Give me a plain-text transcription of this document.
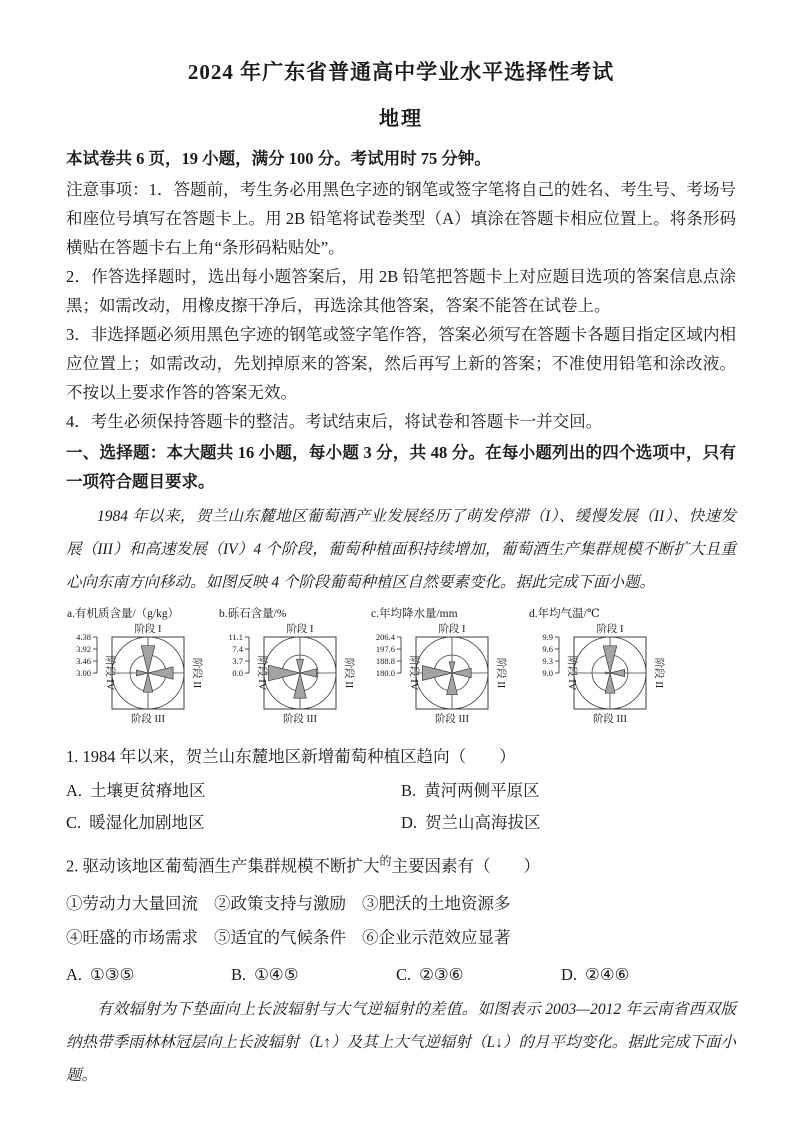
2024 年广东省普通高中学业水平选择性考试
地理

本试卷共 6 页，19 小题，满分 100 分。考试用时 75 分钟。

注意事项：1．答题前，考生务必用黑色字迹的钢笔或签字笔将自己的姓名、考生号、考场号和座位号填写在答题卡上。用 2B 铅笔将试卷类型（A）填涂在答题卡相应位置上。将条形码横贴在答题卡右上角“条形码粘贴处”。

2．作答选择题时，选出每小题答案后，用 2B 铅笔把答题卡上对应题目选项的答案信息点涂黑；如需改动，用橡皮擦干净后，再选涂其他答案，答案不能答在试卷上。

3．非选择题必须用黑色字迹的钢笔或签字笔作答，答案必须写在答题卡各题目指定区域内相应位置上；如需改动，先划掉原来的答案，然后再写上新的答案；不准使用铅笔和涂改液。不按以上要求作答的答案无效。

4．考生必须保持答题卡的整洁。考试结束后，将试卷和答题卡一并交回。

一、选择题：本大题共 16 小题，每小题 3 分，共 48 分。在每小题列出的四个选项中，只有一项符合题目要求。

1984 年以来，贺兰山东麓地区葡萄酒产业发展经历了萌发停滞（I）、缓慢发展（II）、快速发展（III）和高速发展（IV）4 个阶段，葡萄种植面积持续增加，葡萄酒生产集群规模不断扩大且重心向东南方向移动。如图反映 4 个阶段葡萄种植区自然要素变化。据此完成下面小题。

a.有机质含量/（g/kg）
阶段 I
阶段 II
阶段 III
阶段 IV
4.38
3.92
3.46
3.00
b.砾石含量/%
阶段 I
阶段 II
阶段 III
阶段 IV
11.1
7.4
3.7
0.0
c.年均降水量/mm
阶段 I
阶段 II
阶段 III
阶段 IV
206.4
197.6
188.8
180.0
d.年均气温/℃
阶段 I
阶段 II
阶段 III
阶段 IV
9.9
9.6
9.3
9.0

1. 1984 年以来，贺兰山东麓地区新增葡萄种植区趋向（　　）

A. 土壤更贫瘠地区	B. 黄河两侧平原区
C. 暖湿化加剧地区	D. 贺兰山高海拔区

2. 驱动该地区葡萄酒生产集群规模不断扩大$^的$主要因素有（　　）

①劳动力大量回流 ②政策支持与激励 ③肥沃的土地资源多
④旺盛的市场需求 ⑤适宜的气候条件 ⑥企业示范效应显著
A. ①③⑤	B. ①④⑤	C. ②③⑥	D. ②④⑥

有效辐射为下垫面向上长波辐射与大气逆辐射的差值。如图表示 2003—2012 年云南省西双版纳热带季雨林林冠层向上长波辐射（L↑）及其上大气逆辐射（L↓）的月平均变化。据此完成下面小题。
